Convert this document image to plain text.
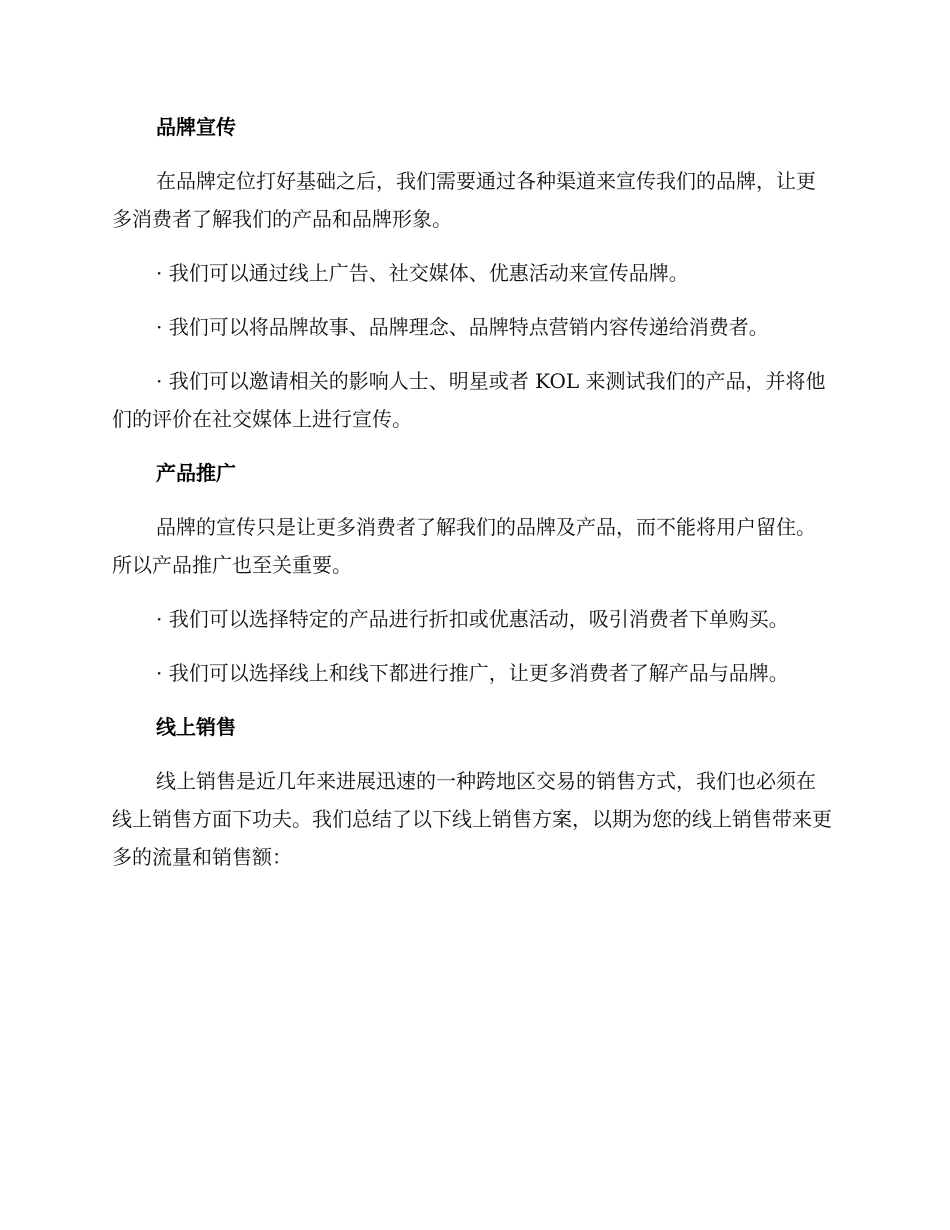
品牌宣传

在品牌定位打好基础之后，我们需要通过各种渠道来宣传我们的品牌，让更多消费者了解我们的产品和品牌形象。

· 我们可以通过线上广告、社交媒体、优惠活动来宣传品牌。

· 我们可以将品牌故事、品牌理念、品牌特点营销内容传递给消费者。

· 我们可以邀请相关的影响人士、明星或者 KOL 来测试我们的产品，并将他们的评价在社交媒体上进行宣传。

产品推广

品牌的宣传只是让更多消费者了解我们的品牌及产品，而不能将用户留住。所以产品推广也至关重要。

· 我们可以选择特定的产品进行折扣或优惠活动，吸引消费者下单购买。

· 我们可以选择线上和线下都进行推广，让更多消费者了解产品与品牌。

线上销售

线上销售是近几年来进展迅速的一种跨地区交易的销售方式，我们也必须在线上销售方面下功夫。我们总结了以下线上销售方案，以期为您的线上销售带来更多的流量和销售额：
